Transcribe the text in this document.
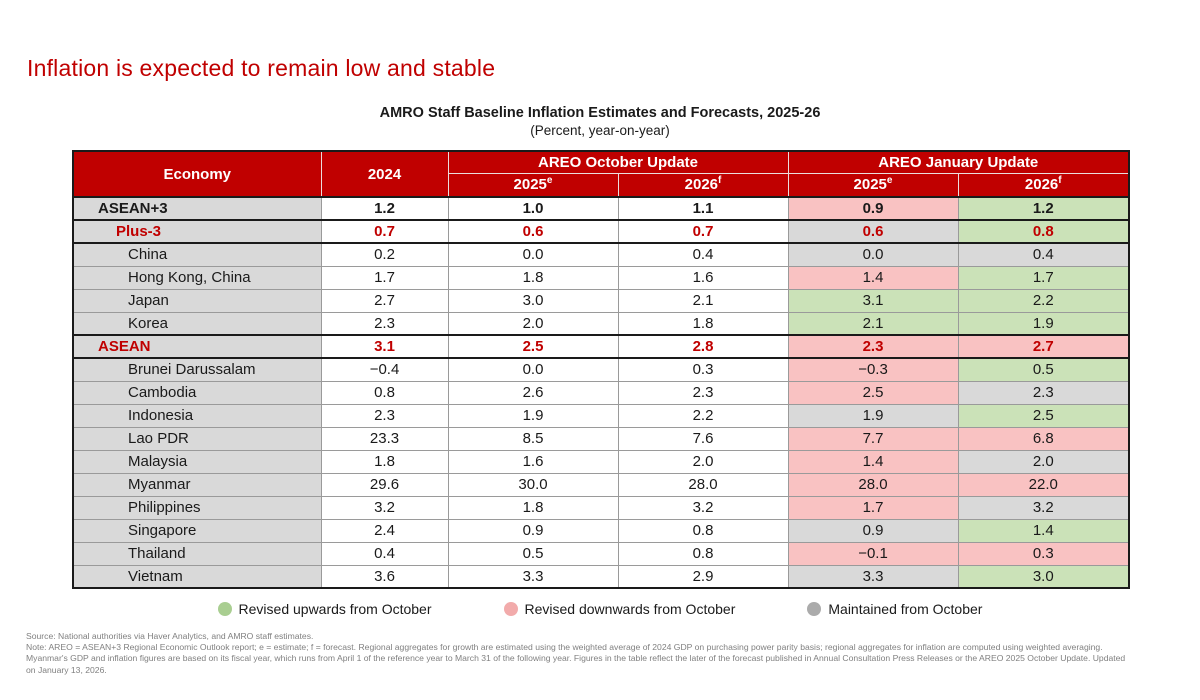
Inflation is expected to remain low and stable
AMRO Staff Baseline Inflation Estimates and Forecasts, 2025-26
(Percent, year-on-year)
Economy	2024	AREO October Update		AREO January Update	
		2025e	2026$^f$	2025e	2026$^f$
ASEAN+3	1.2	1.0	1.1	0.9	1.2
Plus-3	0.7	0.6	0.7	0.6	0.8
China	0.2	0.0	0.4	0.0	0.4
Hong Kong, China	1.7	1.8	1.6	1.4	1.7
Japan	2.7	3.0	2.1	3.1	2.2
Korea	2.3	2.0	1.8	2.1	1.9
ASEAN	3.1	2.5	2.8	2.3	2.7
Brunei Darussalam	−0.4	0.0	0.3	−0.3	0.5
Cambodia	0.8	2.6	2.3	2.5	2.3
Indonesia	2.3	1.9	2.2	1.9	2.5
Lao PDR	23.3	8.5	7.6	7.7	6.8
Malaysia	1.8	1.6	2.0	1.4	2.0
Myanmar	29.6	30.0	28.0	28.0	22.0
Philippines	3.2	1.8	3.2	1.7	3.2
Singapore	2.4	0.9	0.8	0.9	1.4
Thailand	0.4	0.5	0.8	−0.1	0.3
Vietnam	3.6	3.3	2.9	3.3	3.0
Revised upwards from October	Revised downwards from October	Maintained from October
Source: National authorities via Haver Analytics, and AMRO staff estimates.
Note: AREO = ASEAN+3 Regional Economic Outlook report; e = estimate; f = forecast. Regional aggregates for growth are estimated using the weighted average of 2024 GDP on purchasing power parity basis; regional aggregates for inflation are computed using weighted averaging. Myanmar's GDP and inflation figures are based on its fiscal year, which runs from April 1 of the reference year to March 31 of the following year. Figures in the table reflect the later of the forecast published in Annual Consultation Press Releases or the AREO 2025 October Update. Updated on January 13, 2026.
